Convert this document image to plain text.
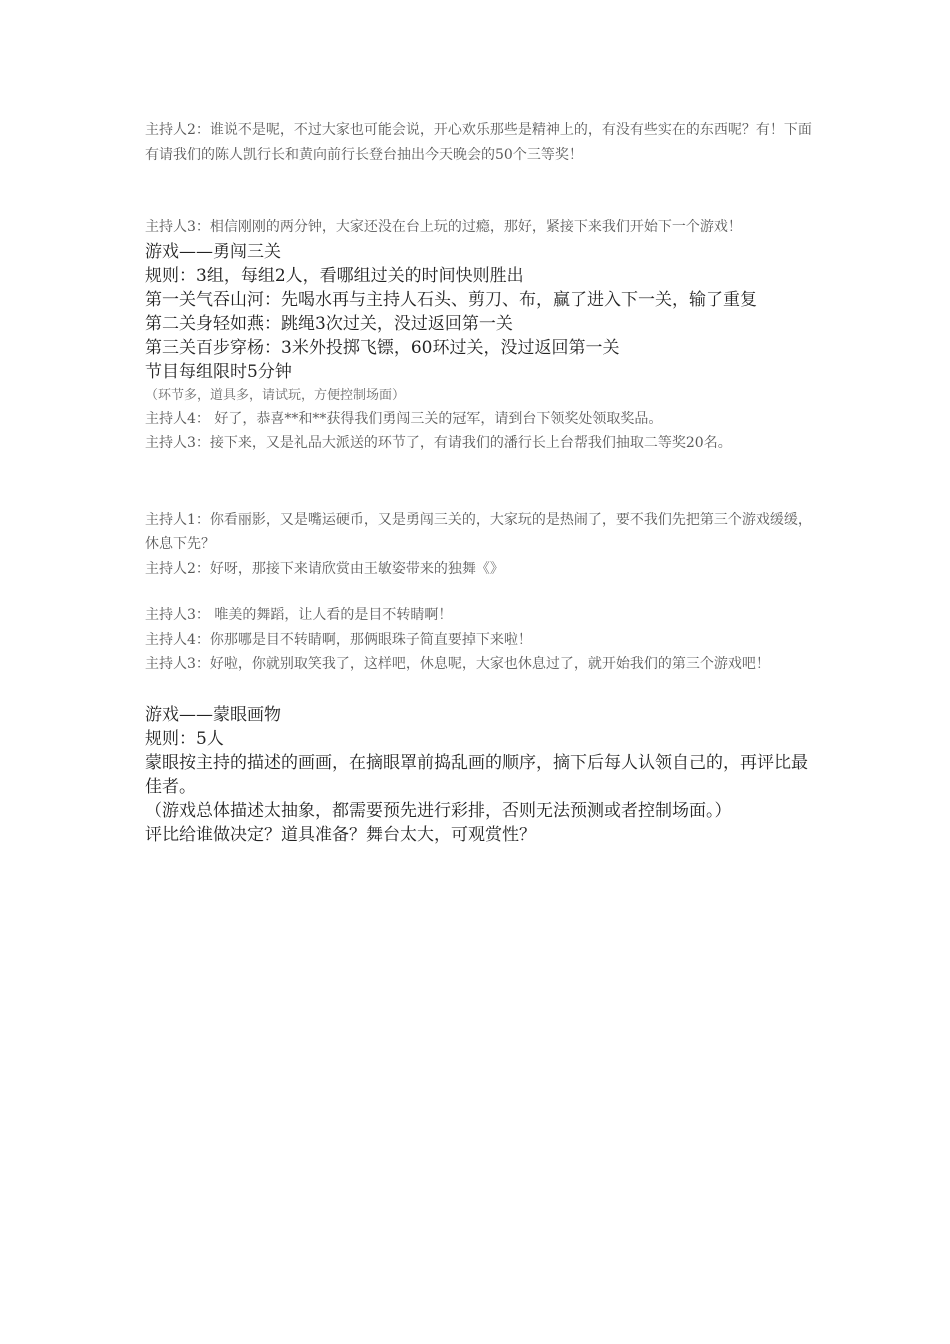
主持人2：谁说不是呢，不过大家也可能会说，开心欢乐那些是精神上的，有没有些实在的东西呢？有！下面有请我们的陈人凯行长和黄向前行长登台抽出今天晚会的50个三等奖！

主持人3：相信刚刚的两分钟，大家还没在台上玩的过瘾，那好，紧接下来我们开始下一个游戏！

游戏——勇闯三关

规则：3组，每组2人，看哪组过关的时间快则胜出

第一关气吞山河：先喝水再与主持人石头、剪刀、布，赢了进入下一关，输了重复

第二关身轻如燕：跳绳3次过关，没过返回第一关

第三关百步穿杨：3米外投掷飞镖，60环过关，没过返回第一关

节目每组限时5分钟

（环节多，道具多，请试玩，方便控制场面）

主持人4： 好了，恭喜**和**获得我们勇闯三关的冠军，请到台下领奖处领取奖品。

主持人3：接下来，又是礼品大派送的环节了，有请我们的潘行长上台帮我们抽取二等奖20名。

主持人1：你看丽影，又是嘴运硬币，又是勇闯三关的，大家玩的是热闹了，要不我们先把第三个游戏缓缓，休息下先？

主持人2：好呀，那接下来请欣赏由王敏姿带来的独舞《》

主持人3： 唯美的舞蹈，让人看的是目不转睛啊！

主持人4：你那哪是目不转睛啊，那俩眼珠子简直要掉下来啦！

主持人3：好啦，你就别取笑我了，这样吧，休息呢，大家也休息过了，就开始我们的第三个游戏吧！

游戏——蒙眼画物

规则：5人

蒙眼按主持的描述的画画，在摘眼罩前捣乱画的顺序，摘下后每人认领自己的，再评比最佳者。

（游戏总体描述太抽象，都需要预先进行彩排，否则无法预测或者控制场面。）

评比给谁做决定？道具准备？舞台太大，可观赏性？
